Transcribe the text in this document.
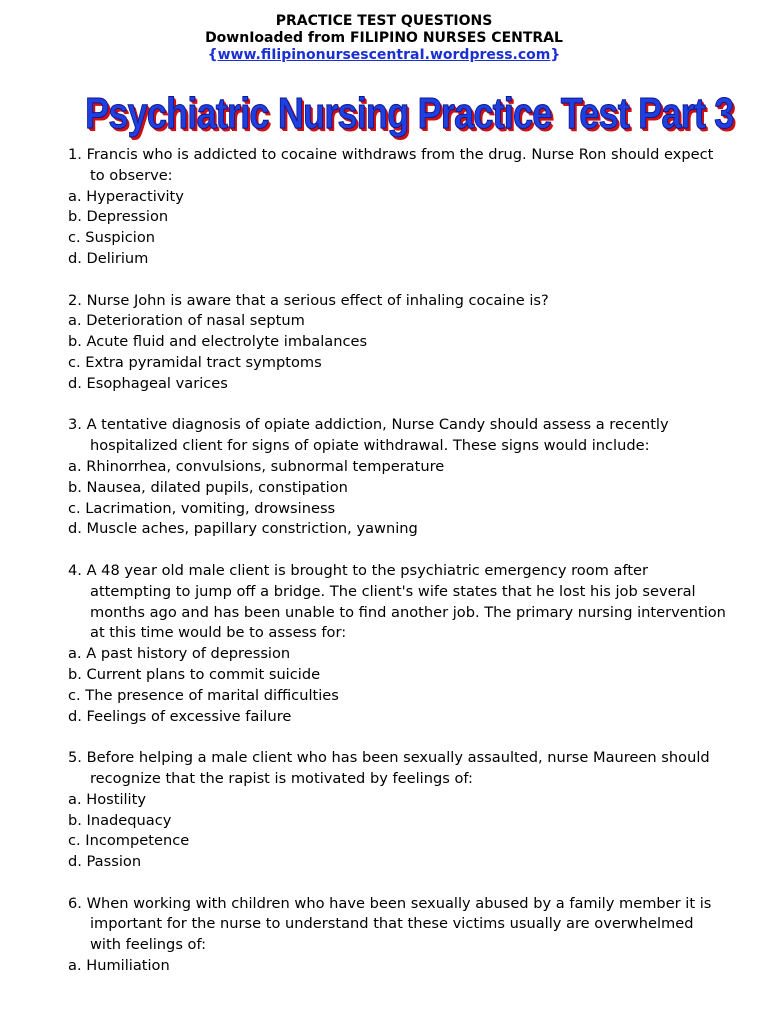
PRACTICE TEST QUESTIONS
DownIoaded from FILIPINO NURSES CENTRAL
{www.fiIipinonursescentraI.wordpress.com}
Psychiatric Nursing Practice Test Part 3
1. Francis who is addicted to cocaine withdraws from the drug. Nurse Ron should expect to observe:
a. Hyperactivity
b. Depression
c. Suspicion
d. Delirium
2. Nurse John is aware that a serious effect of inhaling cocaine is?
a. Deterioration of nasal septum
b. Acute fluid and electrolyte imbalances
c. Extra pyramidal tract symptoms
d. Esophageal varices
3. A tentative diagnosis of opiate addiction, Nurse Candy should assess a recently hospitalized client for signs of opiate withdrawal. These signs would include:
a. Rhinorrhea, convulsions, subnormal temperature
b. Nausea, dilated pupils, constipation
c. Lacrimation, vomiting, drowsiness
d. Muscle aches, papillary constriction, yawning
4. A 48 year old male client is brought to the psychiatric emergency room after attempting to jump off a bridge. The client's wife states that he lost his job several months ago and has been unable to find another job. The primary nursing intervention at this time would be to assess for:
a. A past history of depression
b. Current plans to commit suicide
c. The presence of marital difficulties
d. Feelings of excessive failure
5. Before helping a male client who has been sexually assaulted, nurse Maureen should recognize that the rapist is motivated by feelings of:
a. Hostility
b. Inadequacy
c. Incompetence
d. Passion
6. When working with children who have been sexually abused by a family member it is important for the nurse to understand that these victims usually are overwhelmed with feelings of:
a. Humiliation
